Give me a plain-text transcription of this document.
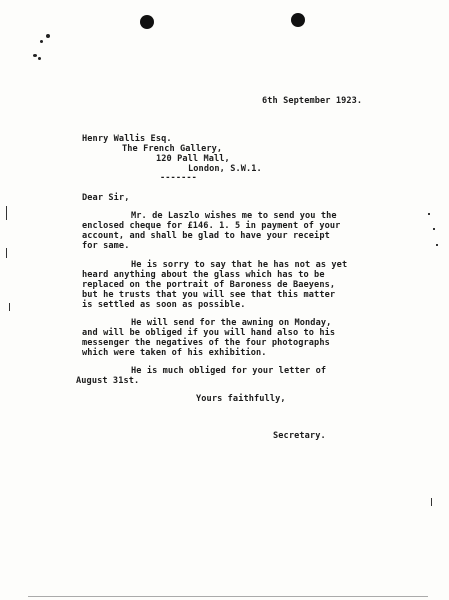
6th September 1923.
Henry Wallis Esq.
The French Gallery,
120 Pall Mall,
London, S.W.1.
-------
Dear Sir,
Mr. de Laszlo wishes me to send you the
enclosed cheque for £146. 1. 5 in payment of your
account, and shall be glad to have your receipt
for same.
He is sorry to say that he has not as yet
heard anything about the glass which has to be
replaced on the portrait of Baroness de Baeyens,
but he trusts that you will see that this matter
is settled as soon as possible.
He will send for the awning on Monday,
and will be obliged if you will hand also to his
messenger the negatives of the four photographs
which were taken of his exhibition.
He is much obliged for your letter of
August 31st.
Yours faithfully,
Secretary.
